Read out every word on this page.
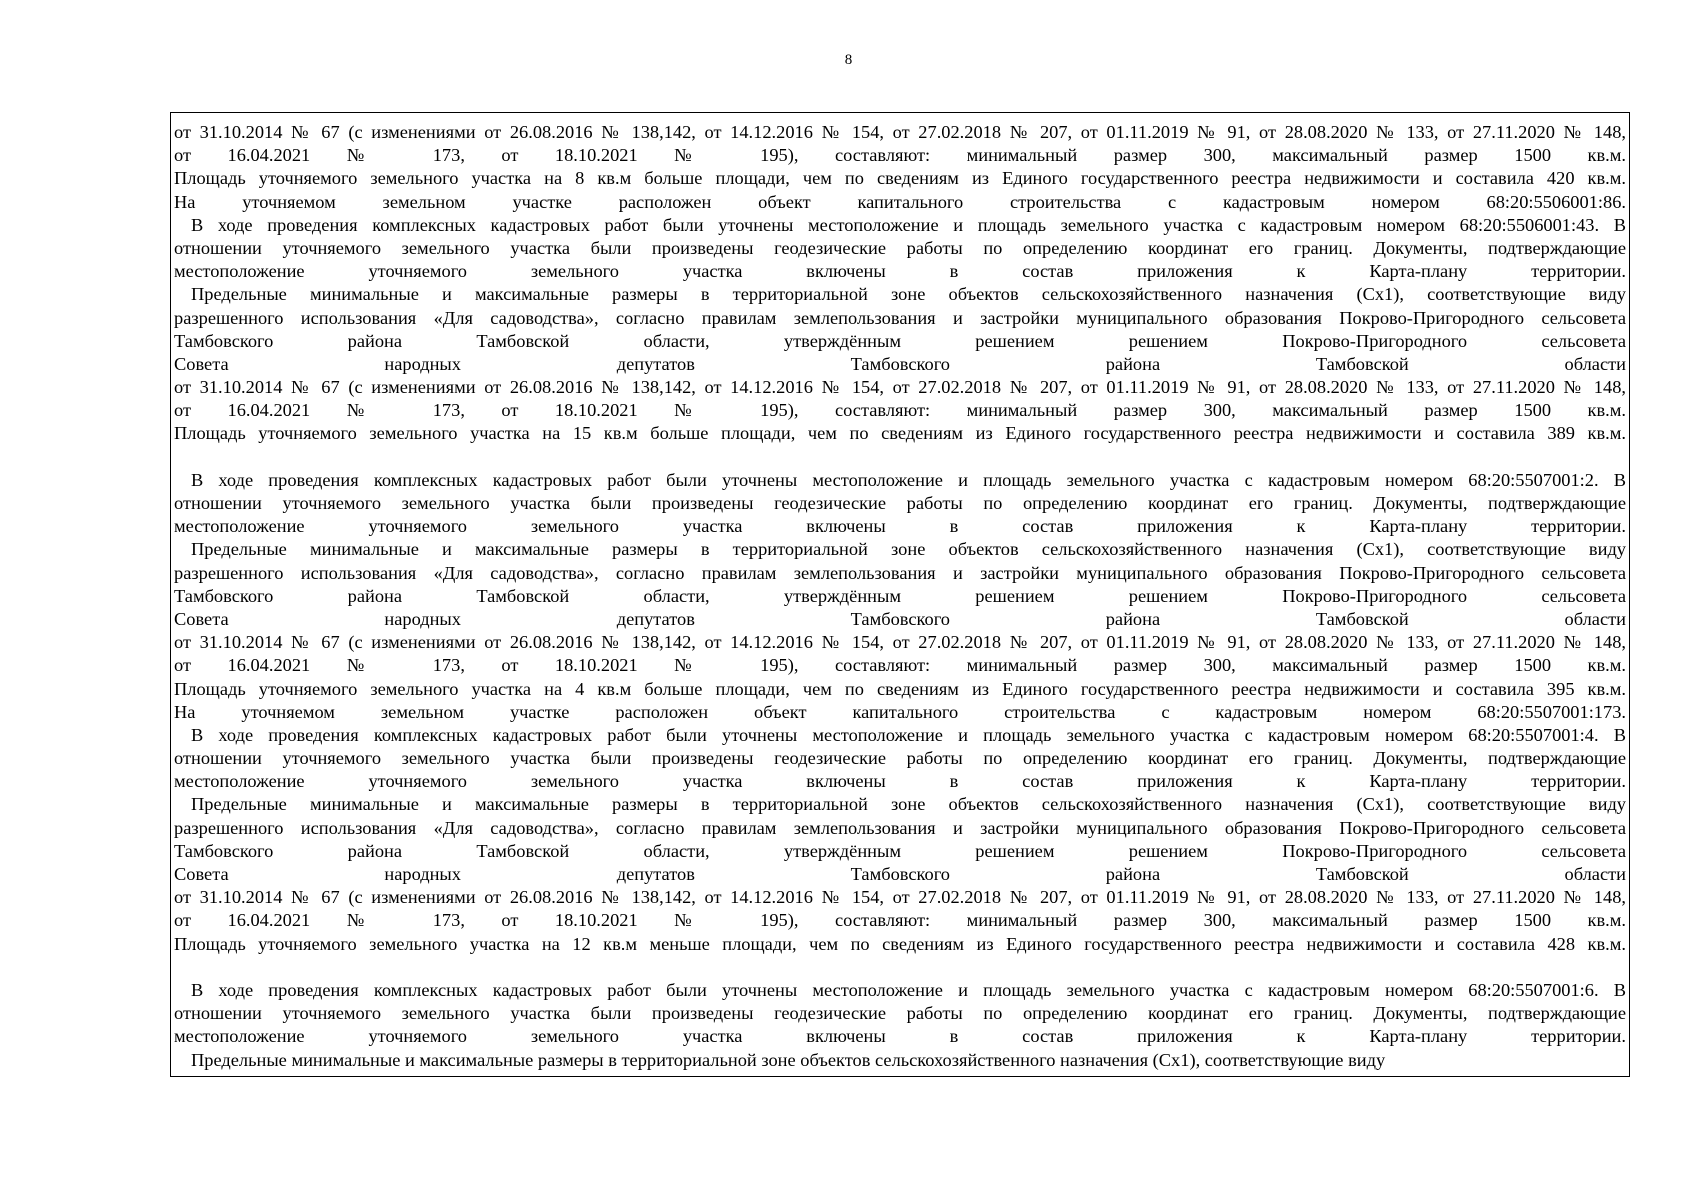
8
от 31.10.2014 № 67 (с изменениями от 26.08.2016 № 138,142, от 14.12.2016 № 154, от 27.02.2018 № 207, от 01.11.2019 № 91, от 28.08.2020 № 133, от 27.11.2020 № 148,
от 16.04.2021 № 173, от 18.10.2021 № 195), составляют: минимальный размер 300, максимальный размер 1500 кв.м.
Площадь уточняемого земельного участка на 8 кв.м больше площади, чем по сведениям из Единого государственного реестра недвижимости и составила 420 кв.м.
На уточняемом земельном участке расположен объект капитального строительства с кадастровым номером 68:20:5506001:86.
В ходе проведения комплексных кадастровых работ были уточнены местоположение и площадь земельного участка с кадастровым номером 68:20:5506001:43. В
отношении уточняемого земельного участка были произведены геодезические работы по определению координат его границ. Документы, подтверждающие
местоположение уточняемого земельного участка включены в состав приложения к Карта-плану территории.
Предельные минимальные и максимальные размеры в территориальной зоне объектов сельскохозяйственного назначения (Сх1), соответствующие виду
разрешенного использования «Для садоводства», согласно правилам землепользования и застройки муниципального образования Покрово-Пригородного сельсовета
Тамбовского района Тамбовской области, утверждённым решением решением Покрово-Пригородного сельсовета
Совета народных депутатов Тамбовского района Тамбовской области
от 31.10.2014 № 67 (с изменениями от 26.08.2016 № 138,142, от 14.12.2016 № 154, от 27.02.2018 № 207, от 01.11.2019 № 91, от 28.08.2020 № 133, от 27.11.2020 № 148,
от 16.04.2021 № 173, от 18.10.2021 № 195), составляют: минимальный размер 300, максимальный размер 1500 кв.м.
Площадь уточняемого земельного участка на 15 кв.м больше площади, чем по сведениям из Единого государственного реестра недвижимости и составила 389 кв.м.
В ходе проведения комплексных кадастровых работ были уточнены местоположение и площадь земельного участка с кадастровым номером 68:20:5507001:2. В
отношении уточняемого земельного участка были произведены геодезические работы по определению координат его границ. Документы, подтверждающие
местоположение уточняемого земельного участка включены в состав приложения к Карта-плану территории.
Предельные минимальные и максимальные размеры в территориальной зоне объектов сельскохозяйственного назначения (Сх1), соответствующие виду
разрешенного использования «Для садоводства», согласно правилам землепользования и застройки муниципального образования Покрово-Пригородного сельсовета
Тамбовского района Тамбовской области, утверждённым решением решением Покрово-Пригородного сельсовета
Совета народных депутатов Тамбовского района Тамбовской области
от 31.10.2014 № 67 (с изменениями от 26.08.2016 № 138,142, от 14.12.2016 № 154, от 27.02.2018 № 207, от 01.11.2019 № 91, от 28.08.2020 № 133, от 27.11.2020 № 148,
от 16.04.2021 № 173, от 18.10.2021 № 195), составляют: минимальный размер 300, максимальный размер 1500 кв.м.
Площадь уточняемого земельного участка на 4 кв.м больше площади, чем по сведениям из Единого государственного реестра недвижимости и составила 395 кв.м.
На уточняемом земельном участке расположен объект капитального строительства с кадастровым номером 68:20:5507001:173.
В ходе проведения комплексных кадастровых работ были уточнены местоположение и площадь земельного участка с кадастровым номером 68:20:5507001:4. В
отношении уточняемого земельного участка были произведены геодезические работы по определению координат его границ. Документы, подтверждающие
местоположение уточняемого земельного участка включены в состав приложения к Карта-плану территории.
Предельные минимальные и максимальные размеры в территориальной зоне объектов сельскохозяйственного назначения (Сх1), соответствующие виду
разрешенного использования «Для садоводства», согласно правилам землепользования и застройки муниципального образования Покрово-Пригородного сельсовета
Тамбовского района Тамбовской области, утверждённым решением решением Покрово-Пригородного сельсовета
Совета народных депутатов Тамбовского района Тамбовской области
от 31.10.2014 № 67 (с изменениями от 26.08.2016 № 138,142, от 14.12.2016 № 154, от 27.02.2018 № 207, от 01.11.2019 № 91, от 28.08.2020 № 133, от 27.11.2020 № 148,
от 16.04.2021 № 173, от 18.10.2021 № 195), составляют: минимальный размер 300, максимальный размер 1500 кв.м.
Площадь уточняемого земельного участка на 12 кв.м меньше площади, чем по сведениям из Единого государственного реестра недвижимости и составила 428 кв.м.
В ходе проведения комплексных кадастровых работ были уточнены местоположение и площадь земельного участка с кадастровым номером 68:20:5507001:6. В
отношении уточняемого земельного участка были произведены геодезические работы по определению координат его границ. Документы, подтверждающие
местоположение уточняемого земельного участка включены в состав приложения к Карта-плану территории.
Предельные минимальные и максимальные размеры в территориальной зоне объектов сельскохозяйственного назначения (Сх1), соответствующие виду
